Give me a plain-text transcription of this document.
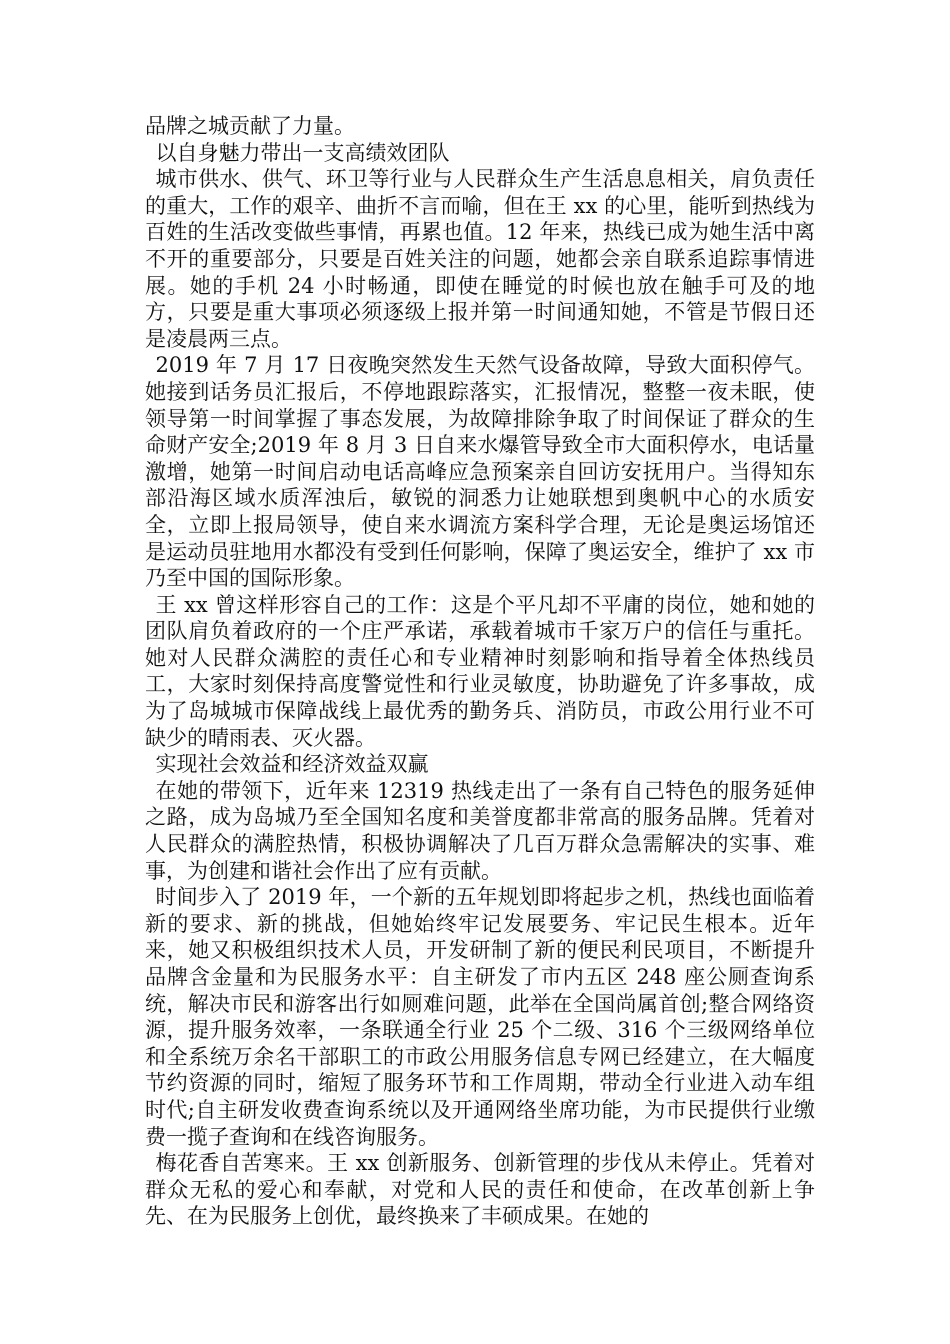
品牌之城贡献了力量。

以自身魅力带出一支高绩效团队

城市供水、供气、环卫等行业与人民群众生产生活息息相关，肩负责任的重大，工作的艰辛、曲折不言而喻，但在王 xx 的心里，能听到热线为百姓的生活改变做些事情，再累也值。12 年来，热线已成为她生活中离不开的重要部分，只要是百姓关注的问题，她都会亲自联系追踪事情进展。她的手机 24 小时畅通，即使在睡觉的时候也放在触手可及的地方，只要是重大事项必须逐级上报并第一时间通知她，不管是节假日还是凌晨两三点。

2019 年 7 月 17 日夜晚突然发生天然气设备故障，导致大面积停气。她接到话务员汇报后，不停地跟踪落实，汇报情况，整整一夜未眠，使领导第一时间掌握了事态发展，为故障排除争取了时间保证了群众的生命财产安全;2019 年 8 月 3 日自来水爆管导致全市大面积停水，电话量激增，她第一时间启动电话高峰应急预案亲自回访安抚用户。当得知东部沿海区域水质浑浊后，敏锐的洞悉力让她联想到奥帆中心的水质安全，立即上报局领导，使自来水调流方案科学合理，无论是奥运场馆还是运动员驻地用水都没有受到任何影响，保障了奥运安全，维护了 xx 市乃至中国的国际形象。

王 xx 曾这样形容自己的工作：这是个平凡却不平庸的岗位，她和她的团队肩负着政府的一个庄严承诺，承载着城市千家万户的信任与重托。她对人民群众满腔的责任心和专业精神时刻影响和指导着全体热线员工，大家时刻保持高度警觉性和行业灵敏度，协助避免了许多事故，成为了岛城城市保障战线上最优秀的勤务兵、消防员，市政公用行业不可缺少的晴雨表、灭火器。

实现社会效益和经济效益双赢

在她的带领下，近年来 12319 热线走出了一条有自己特色的服务延伸之路，成为岛城乃至全国知名度和美誉度都非常高的服务品牌。凭着对人民群众的满腔热情，积极协调解决了几百万群众急需解决的实事、难事，为创建和谐社会作出了应有贡献。

时间步入了 2019 年，一个新的五年规划即将起步之机，热线也面临着新的要求、新的挑战，但她始终牢记发展要务、牢记民生根本。近年来，她又积极组织技术人员，开发研制了新的便民利民项目，不断提升品牌含金量和为民服务水平：自主研发了市内五区 248 座公厕查询系统，解决市民和游客出行如厕难问题，此举在全国尚属首创;整合网络资源，提升服务效率，一条联通全行业 25 个二级、316 个三级网络单位和全系统万余名干部职工的市政公用服务信息专网已经建立，在大幅度节约资源的同时，缩短了服务环节和工作周期，带动全行业进入动车组时代;自主研发收费查询系统以及开通网络坐席功能，为市民提供行业缴费一揽子查询和在线咨询服务。

梅花香自苦寒来。王 xx 创新服务、创新管理的步伐从未停止。凭着对群众无私的爱心和奉献，对党和人民的责任和使命，在改革创新上争先、在为民服务上创优，最终换来了丰硕成果。在她的
